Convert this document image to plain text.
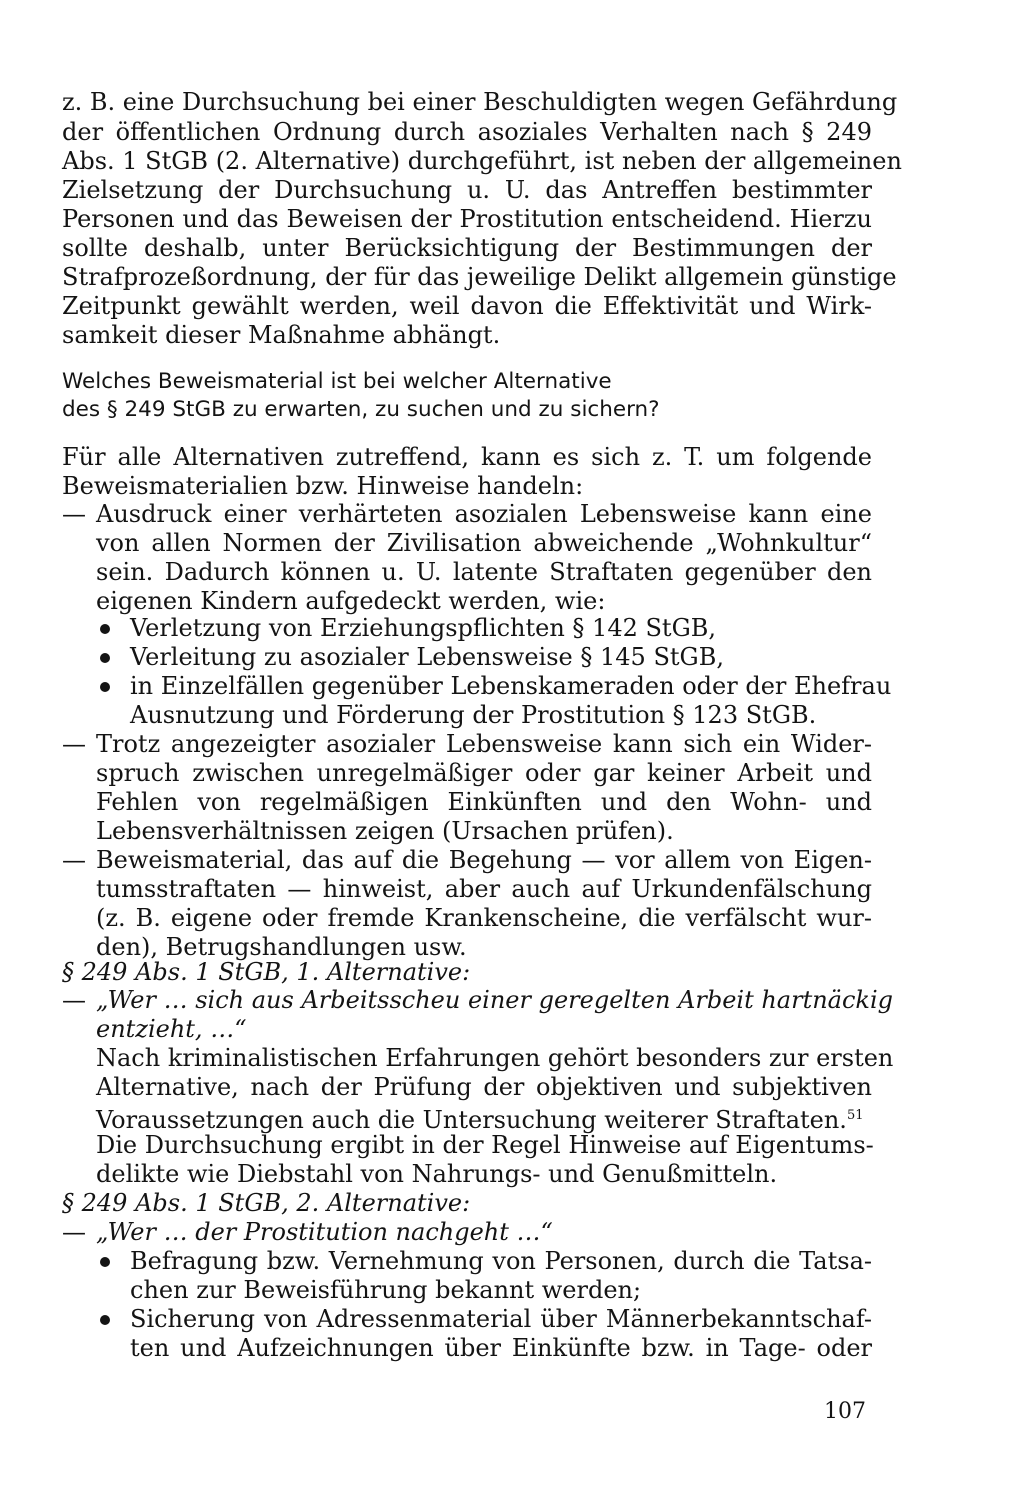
z. B. eine Durchsuchung bei einer Beschuldigten wegen Gefährdung
der öffentlichen Ordnung durch asoziales Verhalten nach § 249
Abs. 1 StGB (2. Alternative) durchgeführt, ist neben der allgemeinen
Zielsetzung der Durchsuchung u. U. das Antreffen bestimmter
Personen und das Beweisen der Prostitution entscheidend. Hierzu
sollte deshalb, unter Berücksichtigung der Bestimmungen der
Strafprozeßordnung, der für das jeweilige Delikt allgemein günstige
Zeitpunkt gewählt werden, weil davon die Effektivität und Wirk-
samkeit dieser Maßnahme abhängt.
Welches Beweismaterial ist bei welcher Alternative
des § 249 StGB zu erwarten, zu suchen und zu sichern?
Für alle Alternativen zutreffend, kann es sich z. T. um folgende
Beweismaterialien bzw. Hinweise handeln:
— Ausdruck einer verhärteten asozialen Lebensweise kann eine
von allen Normen der Zivilisation abweichende „Wohnkultur“
sein. Dadurch können u. U. latente Straftaten gegenüber den
eigenen Kindern aufgedeckt werden, wie:
Verletzung von Erziehungspflichten § 142 StGB,
Verleitung zu asozialer Lebensweise § 145 StGB,
in Einzelfällen gegenüber Lebenskameraden oder der Ehefrau
Ausnutzung und Förderung der Prostitution § 123 StGB.
— Trotz angezeigter asozialer Lebensweise kann sich ein Wider-
spruch zwischen unregelmäßiger oder gar keiner Arbeit und
Fehlen von regelmäßigen Einkünften und den Wohn- und
Lebensverhältnissen zeigen (Ursachen prüfen).
— Beweismaterial, das auf die Begehung — vor allem von Eigen-
tumsstraftaten — hinweist, aber auch auf Urkundenfälschung
(z. B. eigene oder fremde Krankenscheine, die verfälscht wur-
den), Betrugshandlungen usw.
§ 249 Abs. 1 StGB, 1. Alternative:
— „Wer … sich aus Arbeitsscheu einer geregelten Arbeit hartnäckig
entzieht, …“
Nach kriminalistischen Erfahrungen gehört besonders zur ersten
Alternative, nach der Prüfung der objektiven und subjektiven
Voraussetzungen auch die Untersuchung weiterer Straftaten.$^{51}$
Die Durchsuchung ergibt in der Regel Hinweise auf Eigentums-
delikte wie Diebstahl von Nahrungs- und Genußmitteln.
§ 249 Abs. 1 StGB, 2. Alternative:
— „Wer … der Prostitution nachgeht …“
Befragung bzw. Vernehmung von Personen, durch die Tatsa-
chen zur Beweisführung bekannt werden;
Sicherung von Adressenmaterial über Männerbekanntschaf-
ten und Aufzeichnungen über Einkünfte bzw. in Tage- oder
107
